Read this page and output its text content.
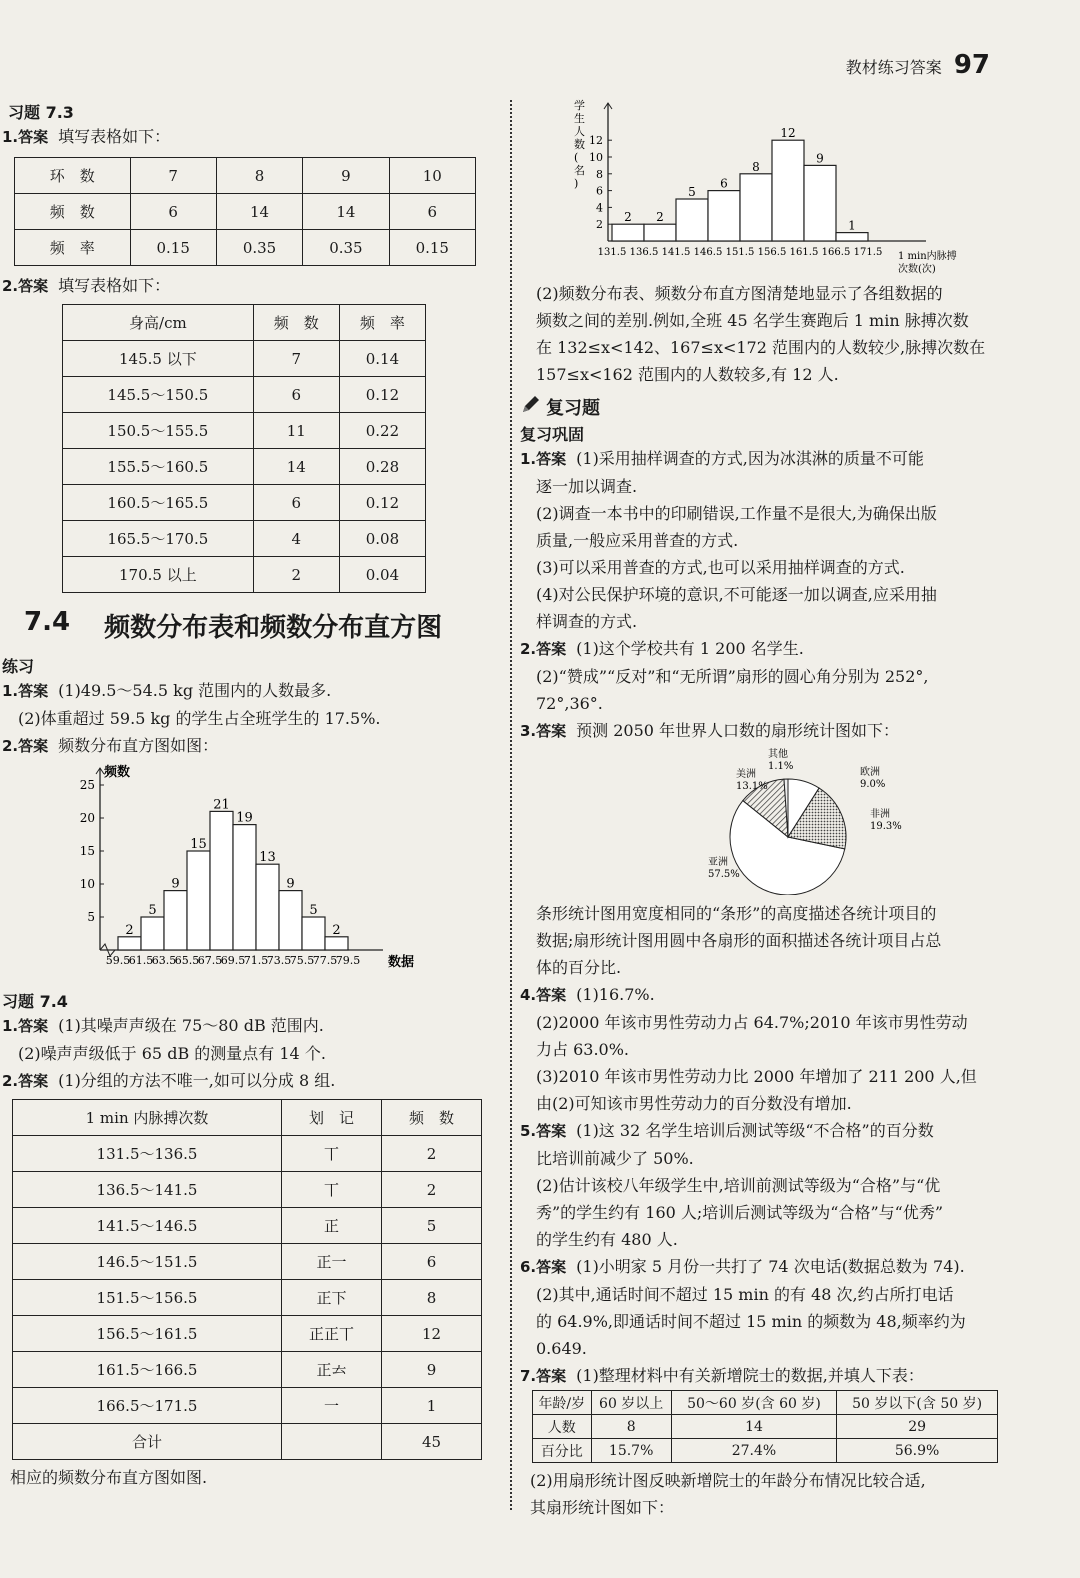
教材练习答案 97
习题 7.3
1.答案 填写表格如下：
环　数	7	8	9	10
频　数	6	14	14	6
频　率	0.15	0.35	0.35	0.15
2.答案 填写表格如下：
身高/cm	频　数	频　率
145.5 以下	7	0.14
145.5～150.5	6	0.12
150.5～155.5	11	0.22
155.5～160.5	14	0.28
160.5～165.5	6	0.12
165.5～170.5	4	0.08
170.5 以上	2	0.04
7.4 频数分布表和频数分布直方图
练习
1.答案 (1)49.5～54.5 kg 范围内的人数最多.
(2)体重超过 59.5 kg 的学生占全班学生的 17.5%.
2.答案 频数分布直方图如图：
频数
5
10
15
20
25
2
5
9
15
21
19
13
9
5
2
59.5
61.5
63.5
65.5
67.5
69.5
71.5
73.5
75.5
77.5
79.5 数据
习题 7.4
1.答案 (1)其噪声声级在 75～80 dB 范围内.
(2)噪声声级低于 65 dB 的测量点有 14 个.
2.答案 (1)分组的方法不唯一,如可以分成 8 组.
1 min 内脉搏次数	划　记	频　数
131.5～136.5	丅	2
136.5～141.5	丅	2
141.5～146.5	正	5
146.5～151.5	正一	6
151.5～156.5	正下	8
156.5～161.5	正正丅	12
161.5～166.5	正𠫓	9
166.5～171.5	一	1
合计		45
相应的频数分布直方图如图.
学
生
人
数
(
名
)
2
4
6
8
10
12
2 2
5
6
8
12
9
1
131.5 136.5 141.5 146.5 151.5 156.5 161.5 166.5 171.5 1 min内脉搏
次数(次)
(2)频数分布表、频数分布直方图清楚地显示了各组数据的
频数之间的差别.例如,全班 45 名学生赛跑后 1 min 脉搏次数
在 132≤x<142、167≤x<172 范围内的人数较少,脉搏次数在
157≤x<162 范围内的人数较多,有 12 人.
复习题
复习巩固
1.答案 (1)采用抽样调查的方式,因为冰淇淋的质量不可能
逐一加以调查.
(2)调查一本书中的印刷错误,工作量不是很大,为确保出版
质量,一般应采用普查的方式.
(3)可以采用普查的方式,也可以采用抽样调查的方式.
(4)对公民保护环境的意识,不可能逐一加以调查,应采用抽
样调查的方式.
2.答案 (1)这个学校共有 1 200 名学生.
(2)“赞成”“反对”和“无所谓”扇形的圆心角分别为 252°,
72°,36°.
3.答案 预测 2050 年世界人口数的扇形统计图如下：
亚洲
57.5%
美洲
13.1%
其他
1.1%
欧洲
9.0%
非洲
19.3%
条形统计图用宽度相同的“条形”的高度描述各统计项目的
数据;扇形统计图用圆中各扇形的面积描述各统计项目占总
体的百分比.
4.答案 (1)16.7%.
(2)2000 年该市男性劳动力占 64.7%;2010 年该市男性劳动
力占 63.0%.
(3)2010 年该市男性劳动力比 2000 年增加了 211 200 人,但
由(2)可知该市男性劳动力的百分数没有增加.
5.答案 (1)这 32 名学生培训后测试等级“不合格”的百分数
比培训前减少了 50%.
(2)估计该校八年级学生中,培训前测试等级为“合格”与“优
秀”的学生约有 160 人;培训后测试等级为“合格”与“优秀”
的学生约有 480 人.
6.答案 (1)小明家 5 月份一共打了 74 次电话(数据总数为 74).
(2)其中,通话时间不超过 15 min 的有 48 次,约占所打电话
的 64.9%,即通话时间不超过 15 min 的频数为 48,频率约为
0.649.
7.答案 (1)整理材料中有关新增院士的数据,并填人下表：
年龄/岁	60 岁以上	50～60 岁(含 60 岁)	50 岁以下(含 50 岁)
人数	8	14	29
百分比	15.7%	27.4%	56.9%
(2)用扇形统计图反映新增院士的年龄分布情况比较合适,
其扇形统计图如下：
